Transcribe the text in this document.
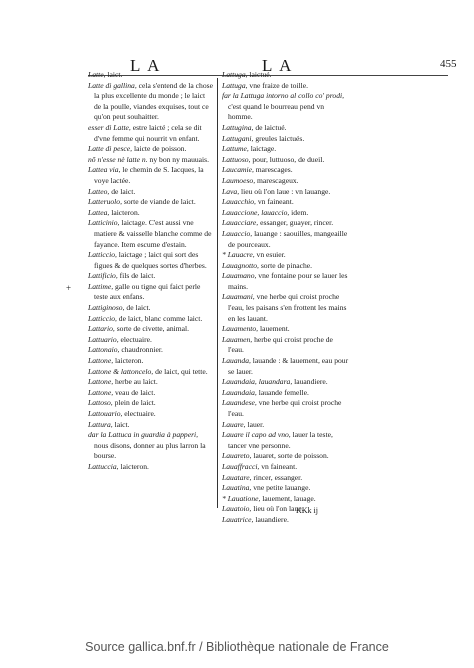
L A	L A	455

Latte, laict.

Latte di gallina, cela s'entend de la chose la plus excellente du monde ; le laict de la poulle, viandes exquises, tout ce qu'on peut souhaitter.

esser di Latte, estre laicté ; cela se dit d'vne femme qui nourrit vn enfant.

Latte di pesce, laicte de poisson.

nõ n'esse nè latte n. ny bon ny mauuais.

Lattea via, le chemin de S. Iacques, la voye lactée.

Latteo, de laict.

Latteruolo, sorte de viande de laict.

Lattea, laicteron.

Latticinio, laictage. C'est aussi vne matiere & vaisselle blanche comme de fayance. Item escume d'estain.

Latticcio, laictage ; laict qui sort des figues & de quelques sortes d'herbes.

Lattificio, fils de laict.

Lattime, galle ou tigne qui faict perle teste aux enfans.

Lattiginoso, de laict.

Latticcio, de laict, blanc comme laict.

Lattario, sorte de civette, animal.

Lattuario, electuaire.

Lattonaio, chaudronnier.

Lattone, laicteron.

Lattone & lattoncelo, de laict, qui tette.

Lattone, herbe au laict.

Lattone, veau de laict.

Lattoso, plein de laict.

Lattouario, electuaire.

Lattura, laict.

dar la Lattuca in guardia à papperi, nous disons, donner au plus larron la bourse.

Lattuccia, laicteron.

Lattuga, laictué.

Lattuga, vne fraize de toille.

far la Lattuga intorno al collo co' prodi, c'est quand le bourreau pend vn homme.

Lattugina, de laictué.

Lattugani, greules laictués.

Lattume, laictage.

Lattuoso, pour, luttuoso, de dueil.

Laucamie, marescages.

Laumoeso, marescageux.

Lava, lieu où l'on laue : vn lauange.

Lauacchio, vn faineant.

Lauaccione, lauaccio, idem.

Lauacciare, essanger, guayer, rincer.

Lauaccio, lauange : saouilles, mangeaille de pourceaux.

* Lauacre, vn esuier.

Lauagnotto, sorte de pinache.

Lauamano, vne fontaine pour se lauer les mains.

Lauamani, vne herbe qui croist proche l'eau, les paisans s'en frottent les mains en les lauant.

Lauamento, lauement.

Lauamen, herbe qui croist proche de l'eau.

Lauanda, lauande : & lauement, eau pour se lauer.

Lauandaia, lauandara, lauandiere.

Lauandaia, lauande femelle.

Lauandese, vne herbe qui croist proche l'eau.

Lauare, lauer.

Lauare il capo ad vno, lauer la teste, tancer vne personne.

Lauareto, lauaret, sorte de poisson.

Lauaffracci, vn faineant.

Lauatare, rincer, essanger.

Lauatina, vne petite lauange.

* Lauatione, lauement, lauage.

Lauatoio, lieu où l'on laue.

Lauatrice, lauandiere.

+
KKk ij
Source gallica.bnf.fr / Bibliothèque nationale de France
